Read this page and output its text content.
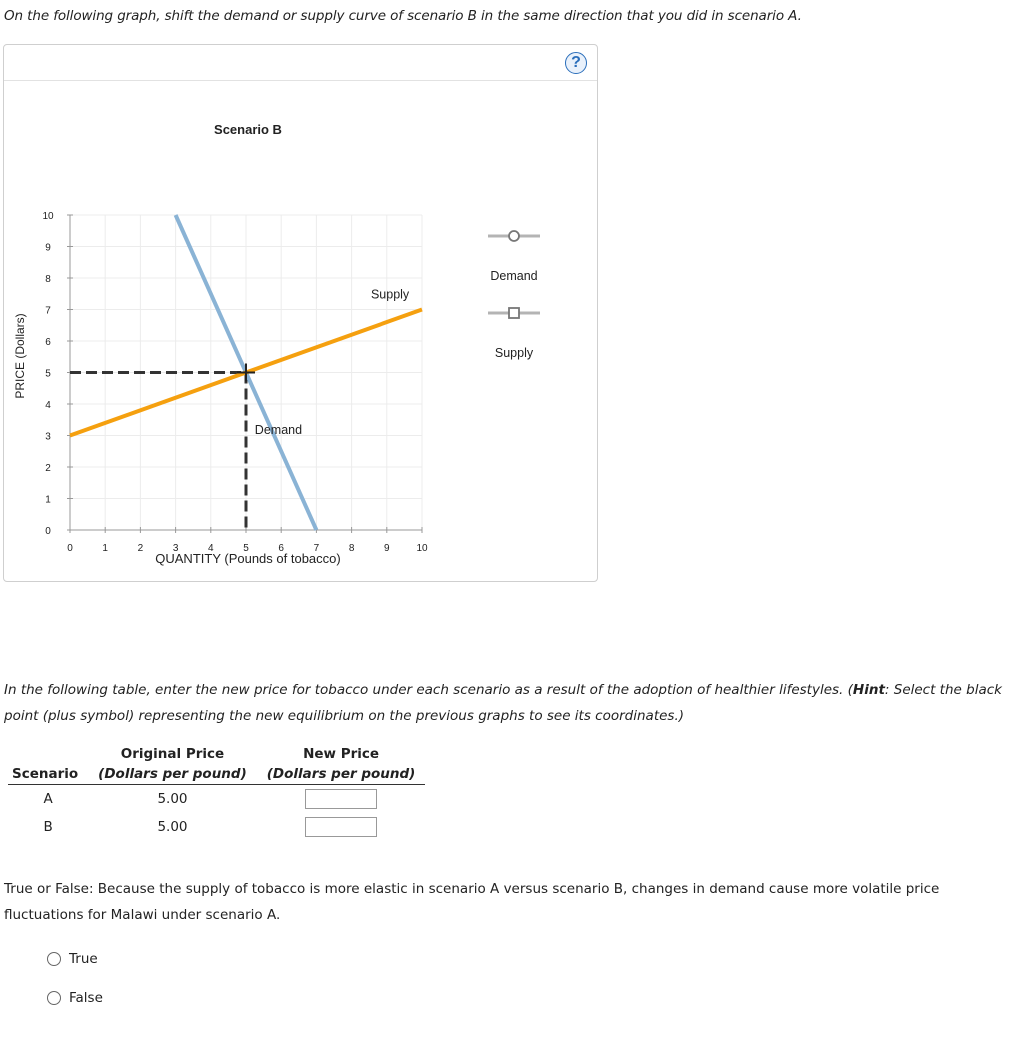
On the following graph, shift the demand or supply curve of scenario B in the same direction that you did in scenario A.
?
Scenario B
0	1	2	3	4	5	6	7	8	9	10
0
1
2
3
4
5
6
7
8
9
10
Demand
Supply
QUANTITY (Pounds of tobacco)
PRICE (Dollars)
Demand
Supply
In the following table, enter the new price for tobacco under each scenario as a result of the adoption of healthier lifestyles. (Hint: Select the black point (plus symbol) representing the new equilibrium on the previous graphs to see its coordinates.)
	Original Price	New Price
Scenario	(Dollars per pound)	(Dollars per pound)
A	5.00	
B	5.00	
True or False: Because the supply of tobacco is more elastic in scenario A versus scenario B, changes in demand cause more volatile price fluctuations for Malawi under scenario A.
True
False
